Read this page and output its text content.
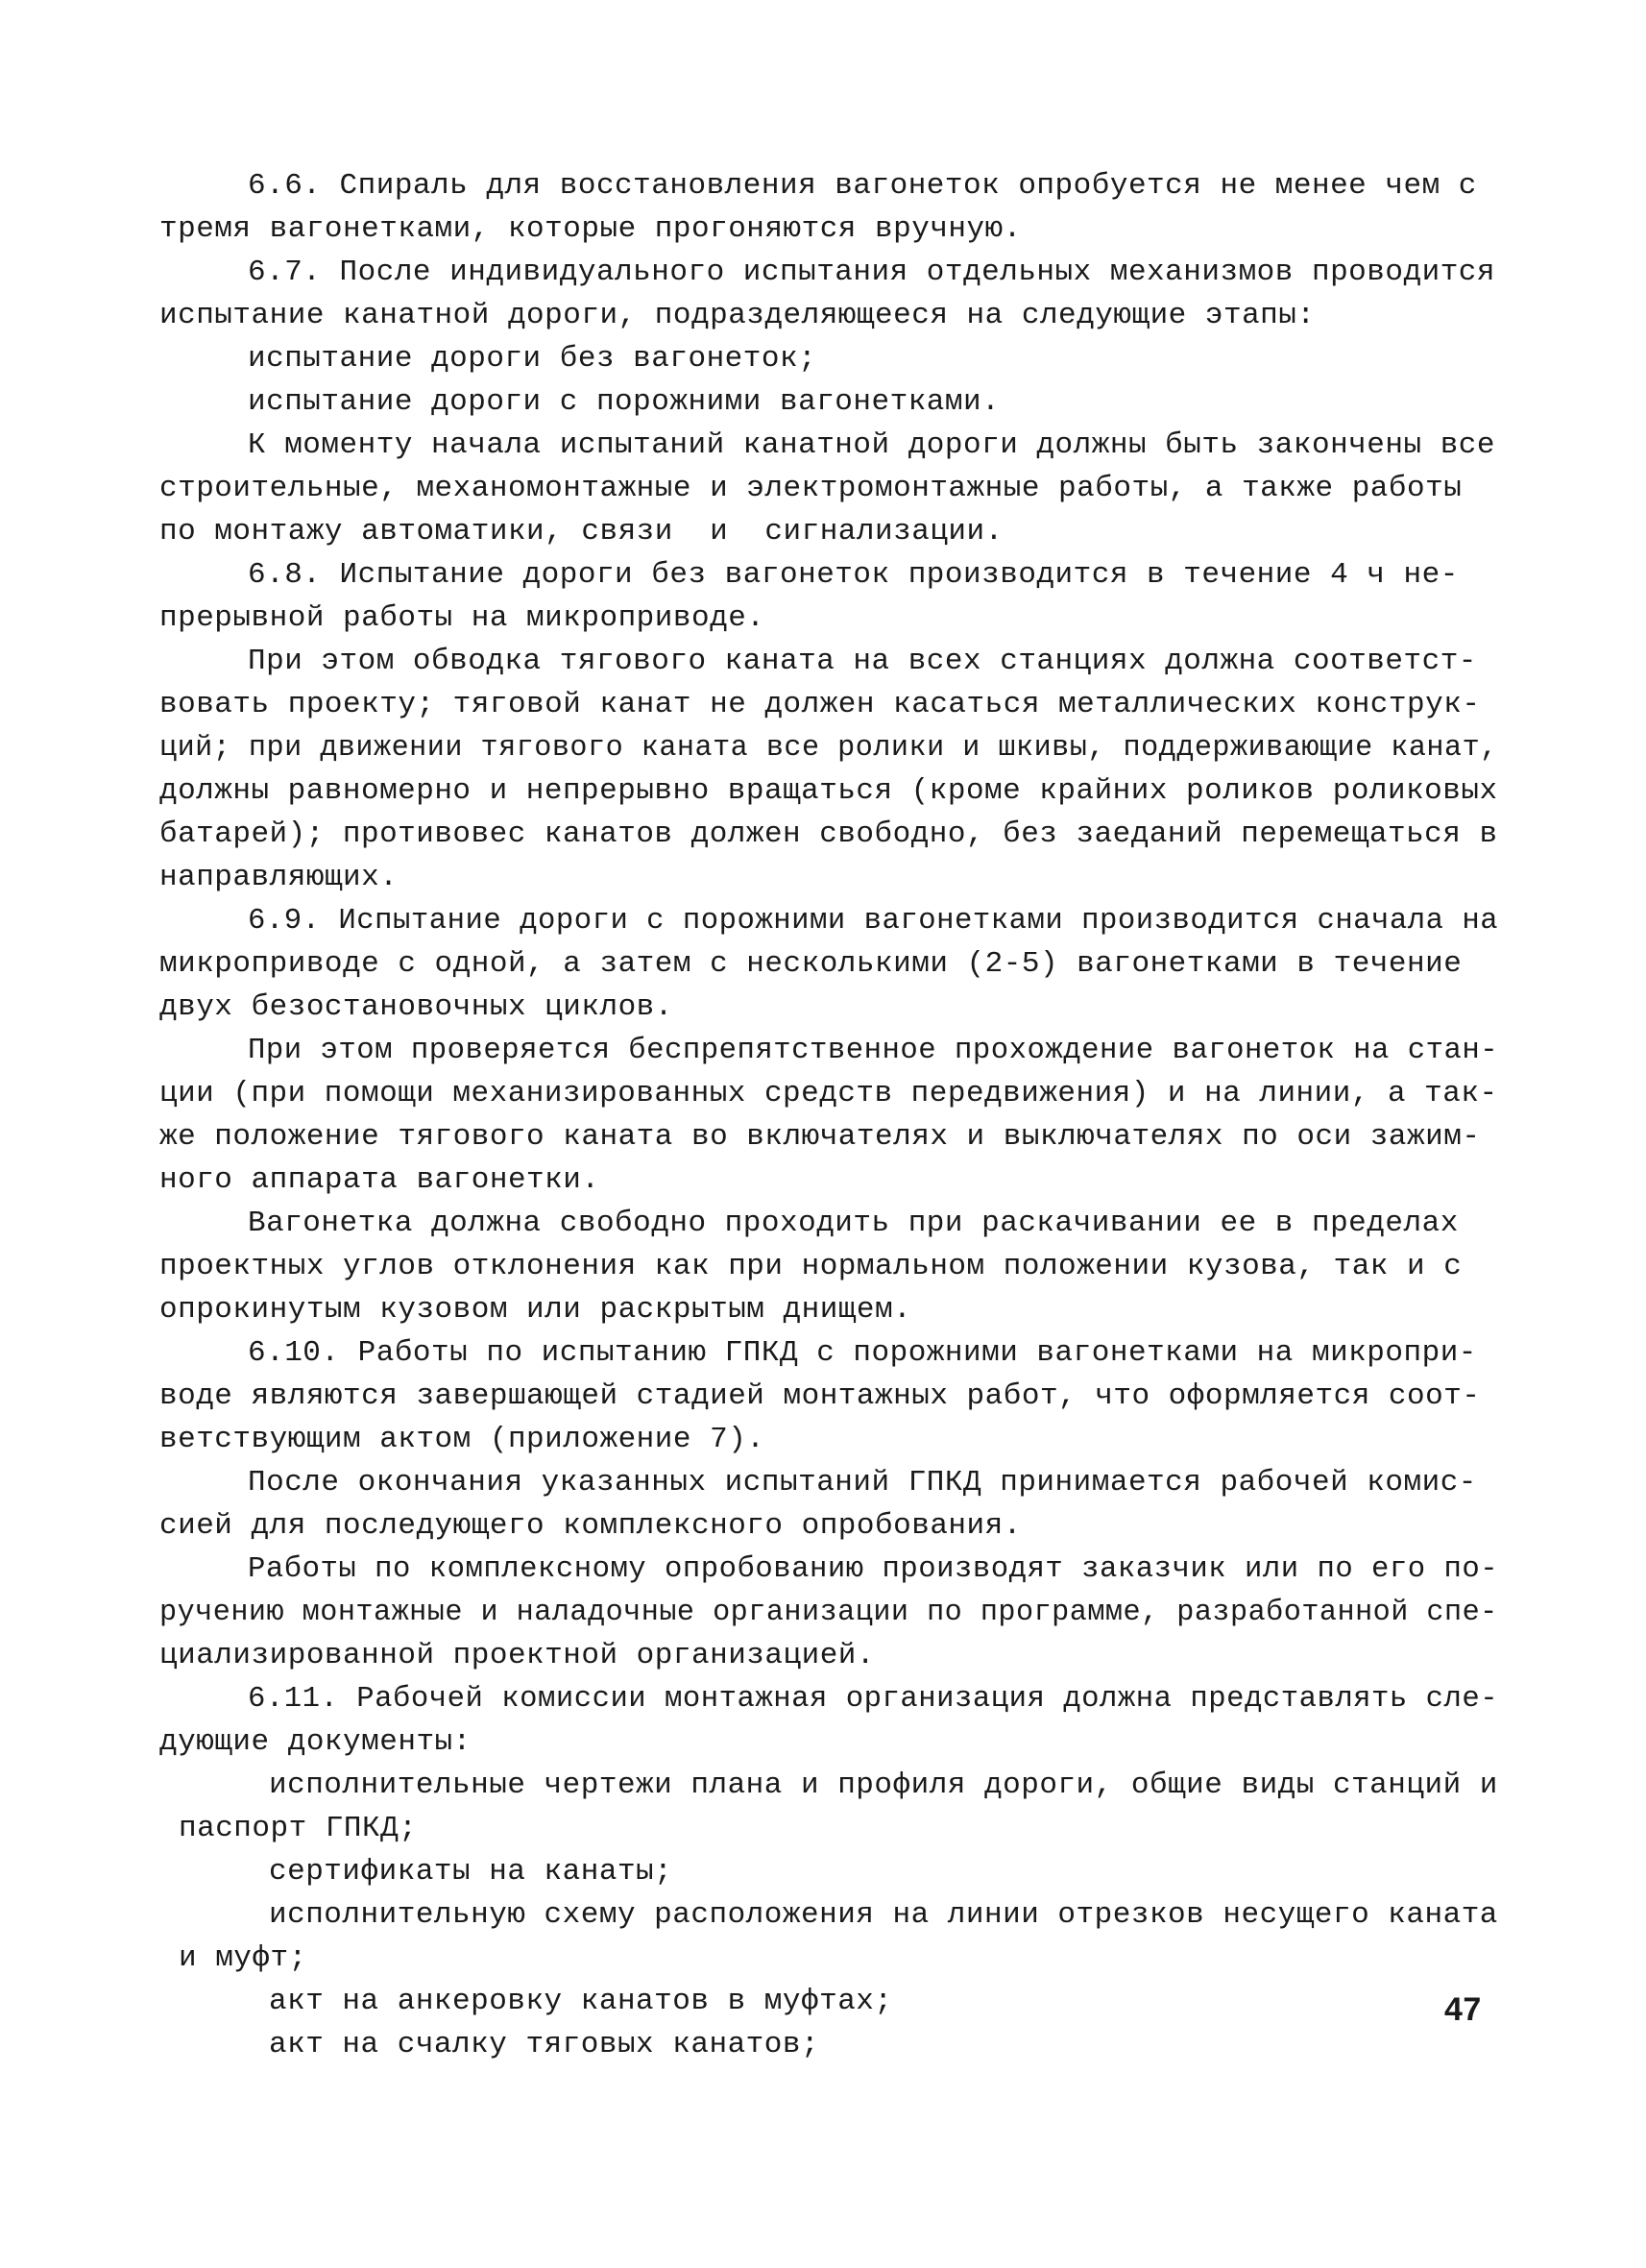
6.6. Спираль для восстановления вагонеток опробуется не менее чем с
тремя вагонетками, которые прогоняются вручную.
6.7. После индивидуального испытания отдельных механизмов проводится
испытание канатной дороги, подразделяющееся на следующие этапы:
испытание дороги без вагонеток;
испытание дороги с порожними вагонетками.
К моменту начала испытаний канатной дороги должны быть закончены все
строительные, механомонтажные и электромонтажные работы, а также работы
по монтажу автоматики, связи  и  сигнализации.
6.8. Испытание дороги без вагонеток производится в течение 4 ч не-
прерывной работы на микроприводе.
При этом обводка тягового каната на всех станциях должна соответст-
вовать проекту; тяговой канат не должен касаться металлических конструк-
ций; при движении тягового каната все ролики и шкивы, поддерживающие канат,
должны равномерно и непрерывно вращаться (кроме крайних роликов роликовых
батарей); противовес канатов должен свободно, без заеданий перемещаться в
направляющих.
6.9. Испытание дороги с порожними вагонетками производится сначала на
микроприводе с одной, а затем с несколькими (2-5) вагонетками в течение
двух безостановочных циклов.
При этом проверяется беспрепятственное прохождение вагонеток на стан-
ции (при помощи механизированных средств передвижения) и на линии, а так-
же положение тягового каната во включателях и выключателях по оси зажим-
ного аппарата вагонетки.
Вагонетка должна свободно проходить при раскачивании ее в пределах
проектных углов отклонения как при нормальном положении кузова, так и с
опрокинутым кузовом или раскрытым днищем.
6.10. Работы по испытанию ГПКД с порожними вагонетками на микропри-
воде являются завершающей стадией монтажных работ, что оформляется соот-
ветствующим актом (приложение 7).
После окончания указанных испытаний ГПКД принимается рабочей комис-
сией для последующего комплексного опробования.
Работы по комплексному опробованию производят заказчик или по его по-
ручению монтажные и наладочные организации по программе, разработанной спе-
циализированной проектной организацией.
6.11. Рабочей комиссии монтажная организация должна представлять сле-
дующие документы:
исполнительные чертежи плана и профиля дороги, общие виды станций и
паспорт ГПКД;
сертификаты на канаты;
исполнительную схему расположения на линии отрезков несущего каната
и муфт;
акт на анкеровку канатов в муфтах;
акт на счалку тяговых канатов;
47
